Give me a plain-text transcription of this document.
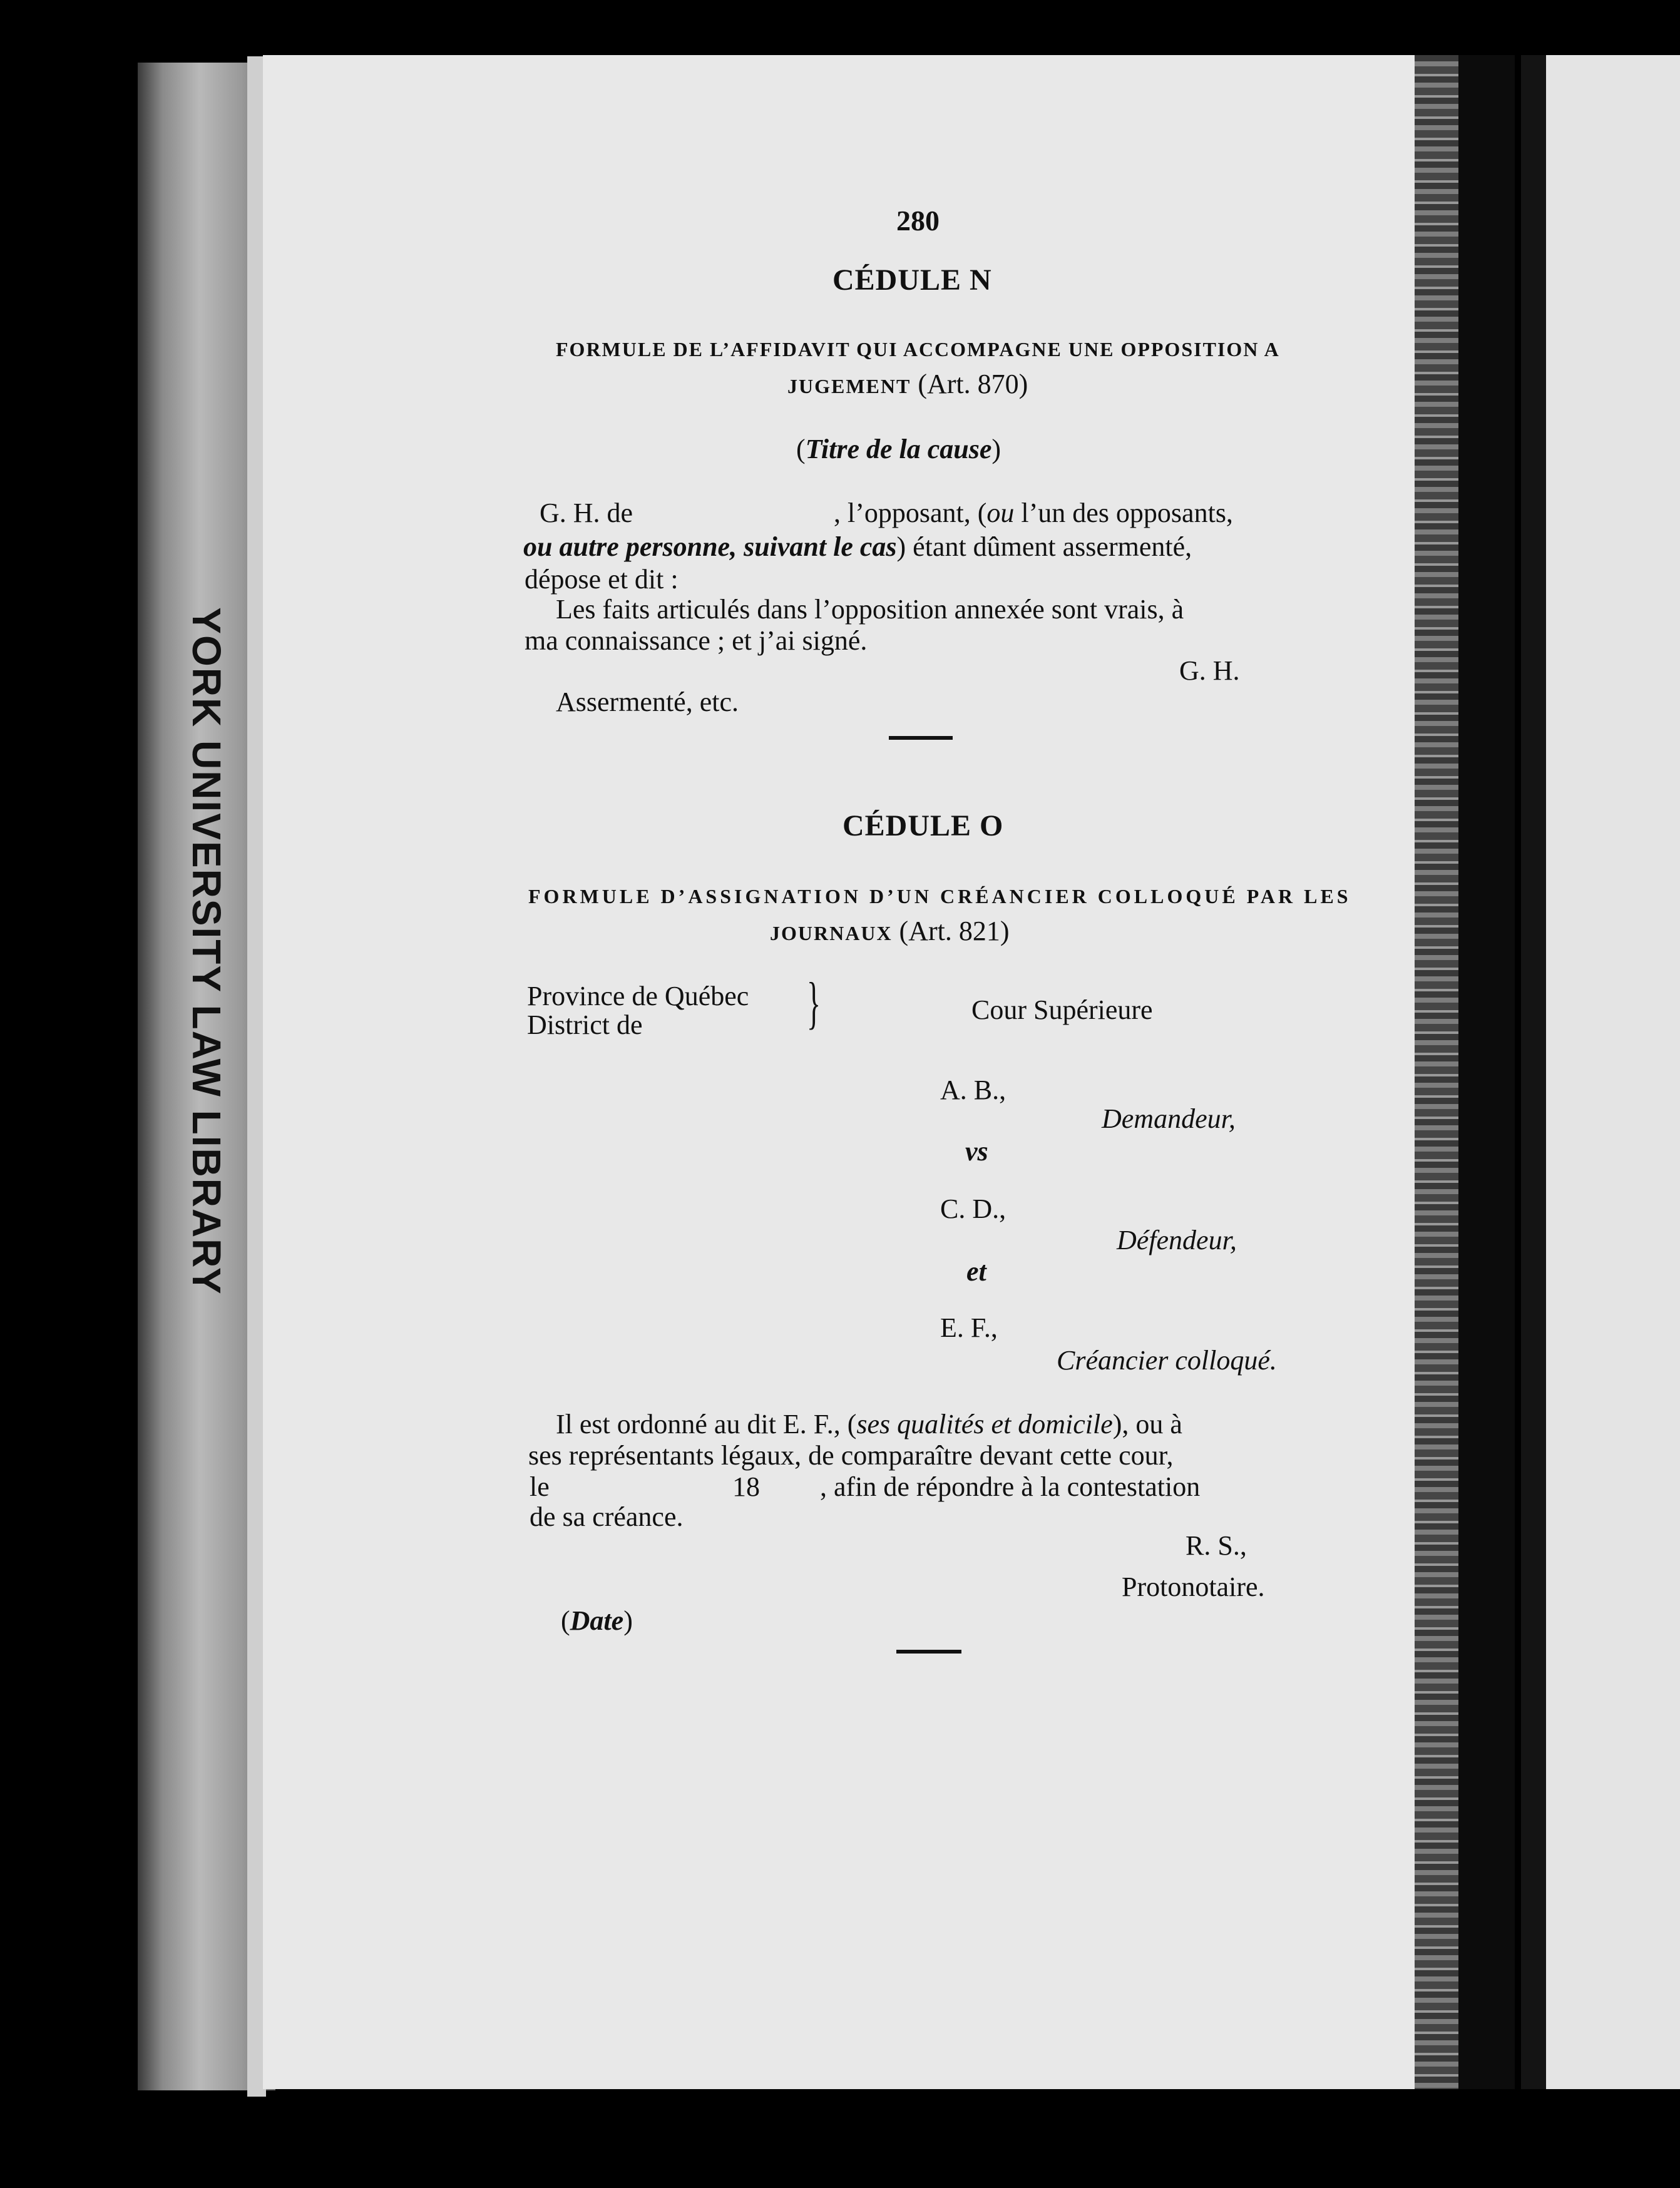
YORK UNIVERSITY LAW LIBRARY
280
CÉDULE N
FORMULE DE L’AFFIDAVIT QUI ACCOMPAGNE UNE OPPOSITION A
JUGEMENT (Art. 870)
(Titre de la cause)
G. H. de	, l’opposant, (ou l’un des opposants,
ou autre personne, suivant le cas) étant dûment assermenté,
dépose et dit :
Les faits articulés dans l’opposition annexée sont vrais, à
ma connaissance ; et j’ai signé.
G. H.
Assermenté, etc.
CÉDULE O
FORMULE D’ASSIGNATION D’UN CRÉANCIER COLLOQUÉ PAR LES
JOURNAUX (Art. 821)
Province de Québec
District de	}	Cour Supérieure
A. B.,
Demandeur,
vs
C. D.,
Défendeur,
et
E. F.,
Créancier colloqué.
Il est ordonné au dit E. F., (ses qualités et domicile), ou à
ses représentants légaux, de comparaître devant cette cour,
le	18 , afin de répondre à la contestation
de sa créance.
R. S.,
Protonotaire.
(Date)
